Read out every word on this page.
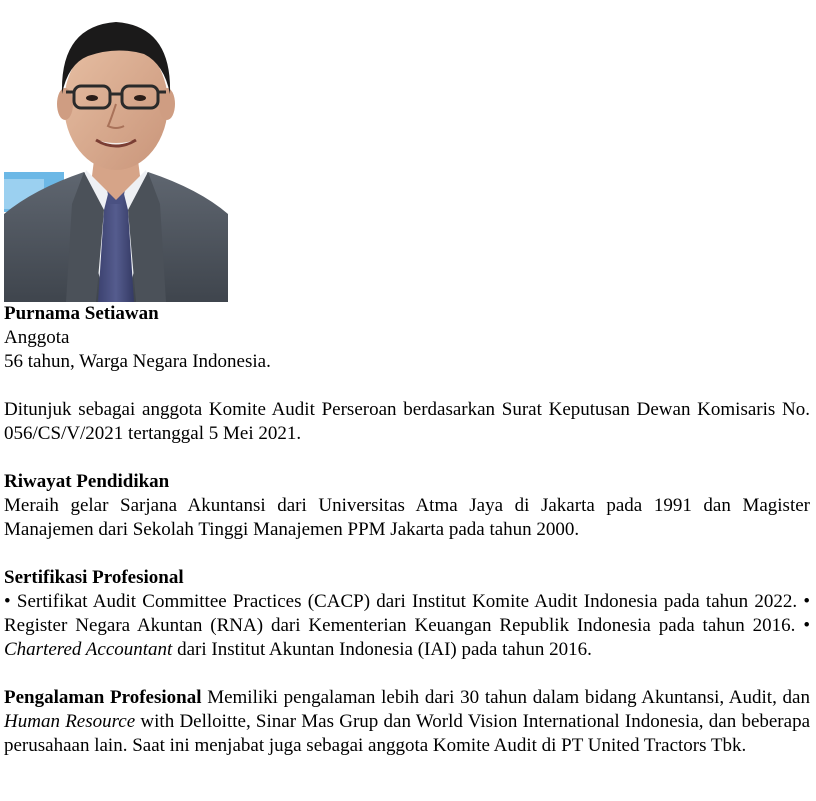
Purnama Setiawan

Anggota

56 tahun, Warga Negara Indonesia.

Ditunjuk sebagai anggota Komite Audit Perseroan berdasarkan Surat Keputusan Dewan Komisaris No. 056/CS/V/2021 tertanggal 5 Mei 2021.

Riwayat Pendidikan

Meraih gelar Sarjana Akuntansi dari Universitas Atma Jaya di Jakarta pada 1991 dan Magister Manajemen dari Sekolah Tinggi Manajemen PPM Jakarta pada tahun 2000.

Sertifikasi Profesional

• Sertifikat Audit Committee Practices (CACP) dari Institut Komite Audit Indonesia pada tahun 2022. • Register Negara Akuntan (RNA) dari Kementerian Keuangan Republik Indonesia pada tahun 2016. • Chartered Accountant dari Institut Akuntan Indonesia (IAI) pada tahun 2016.

Pengalaman Profesional Memiliki pengalaman lebih dari 30 tahun dalam bidang Akuntansi, Audit, dan Human Resource with Delloitte, Sinar Mas Grup dan World Vision International Indonesia, dan beberapa perusahaan lain. Saat ini menjabat juga sebagai anggota Komite Audit di PT United Tractors Tbk.
